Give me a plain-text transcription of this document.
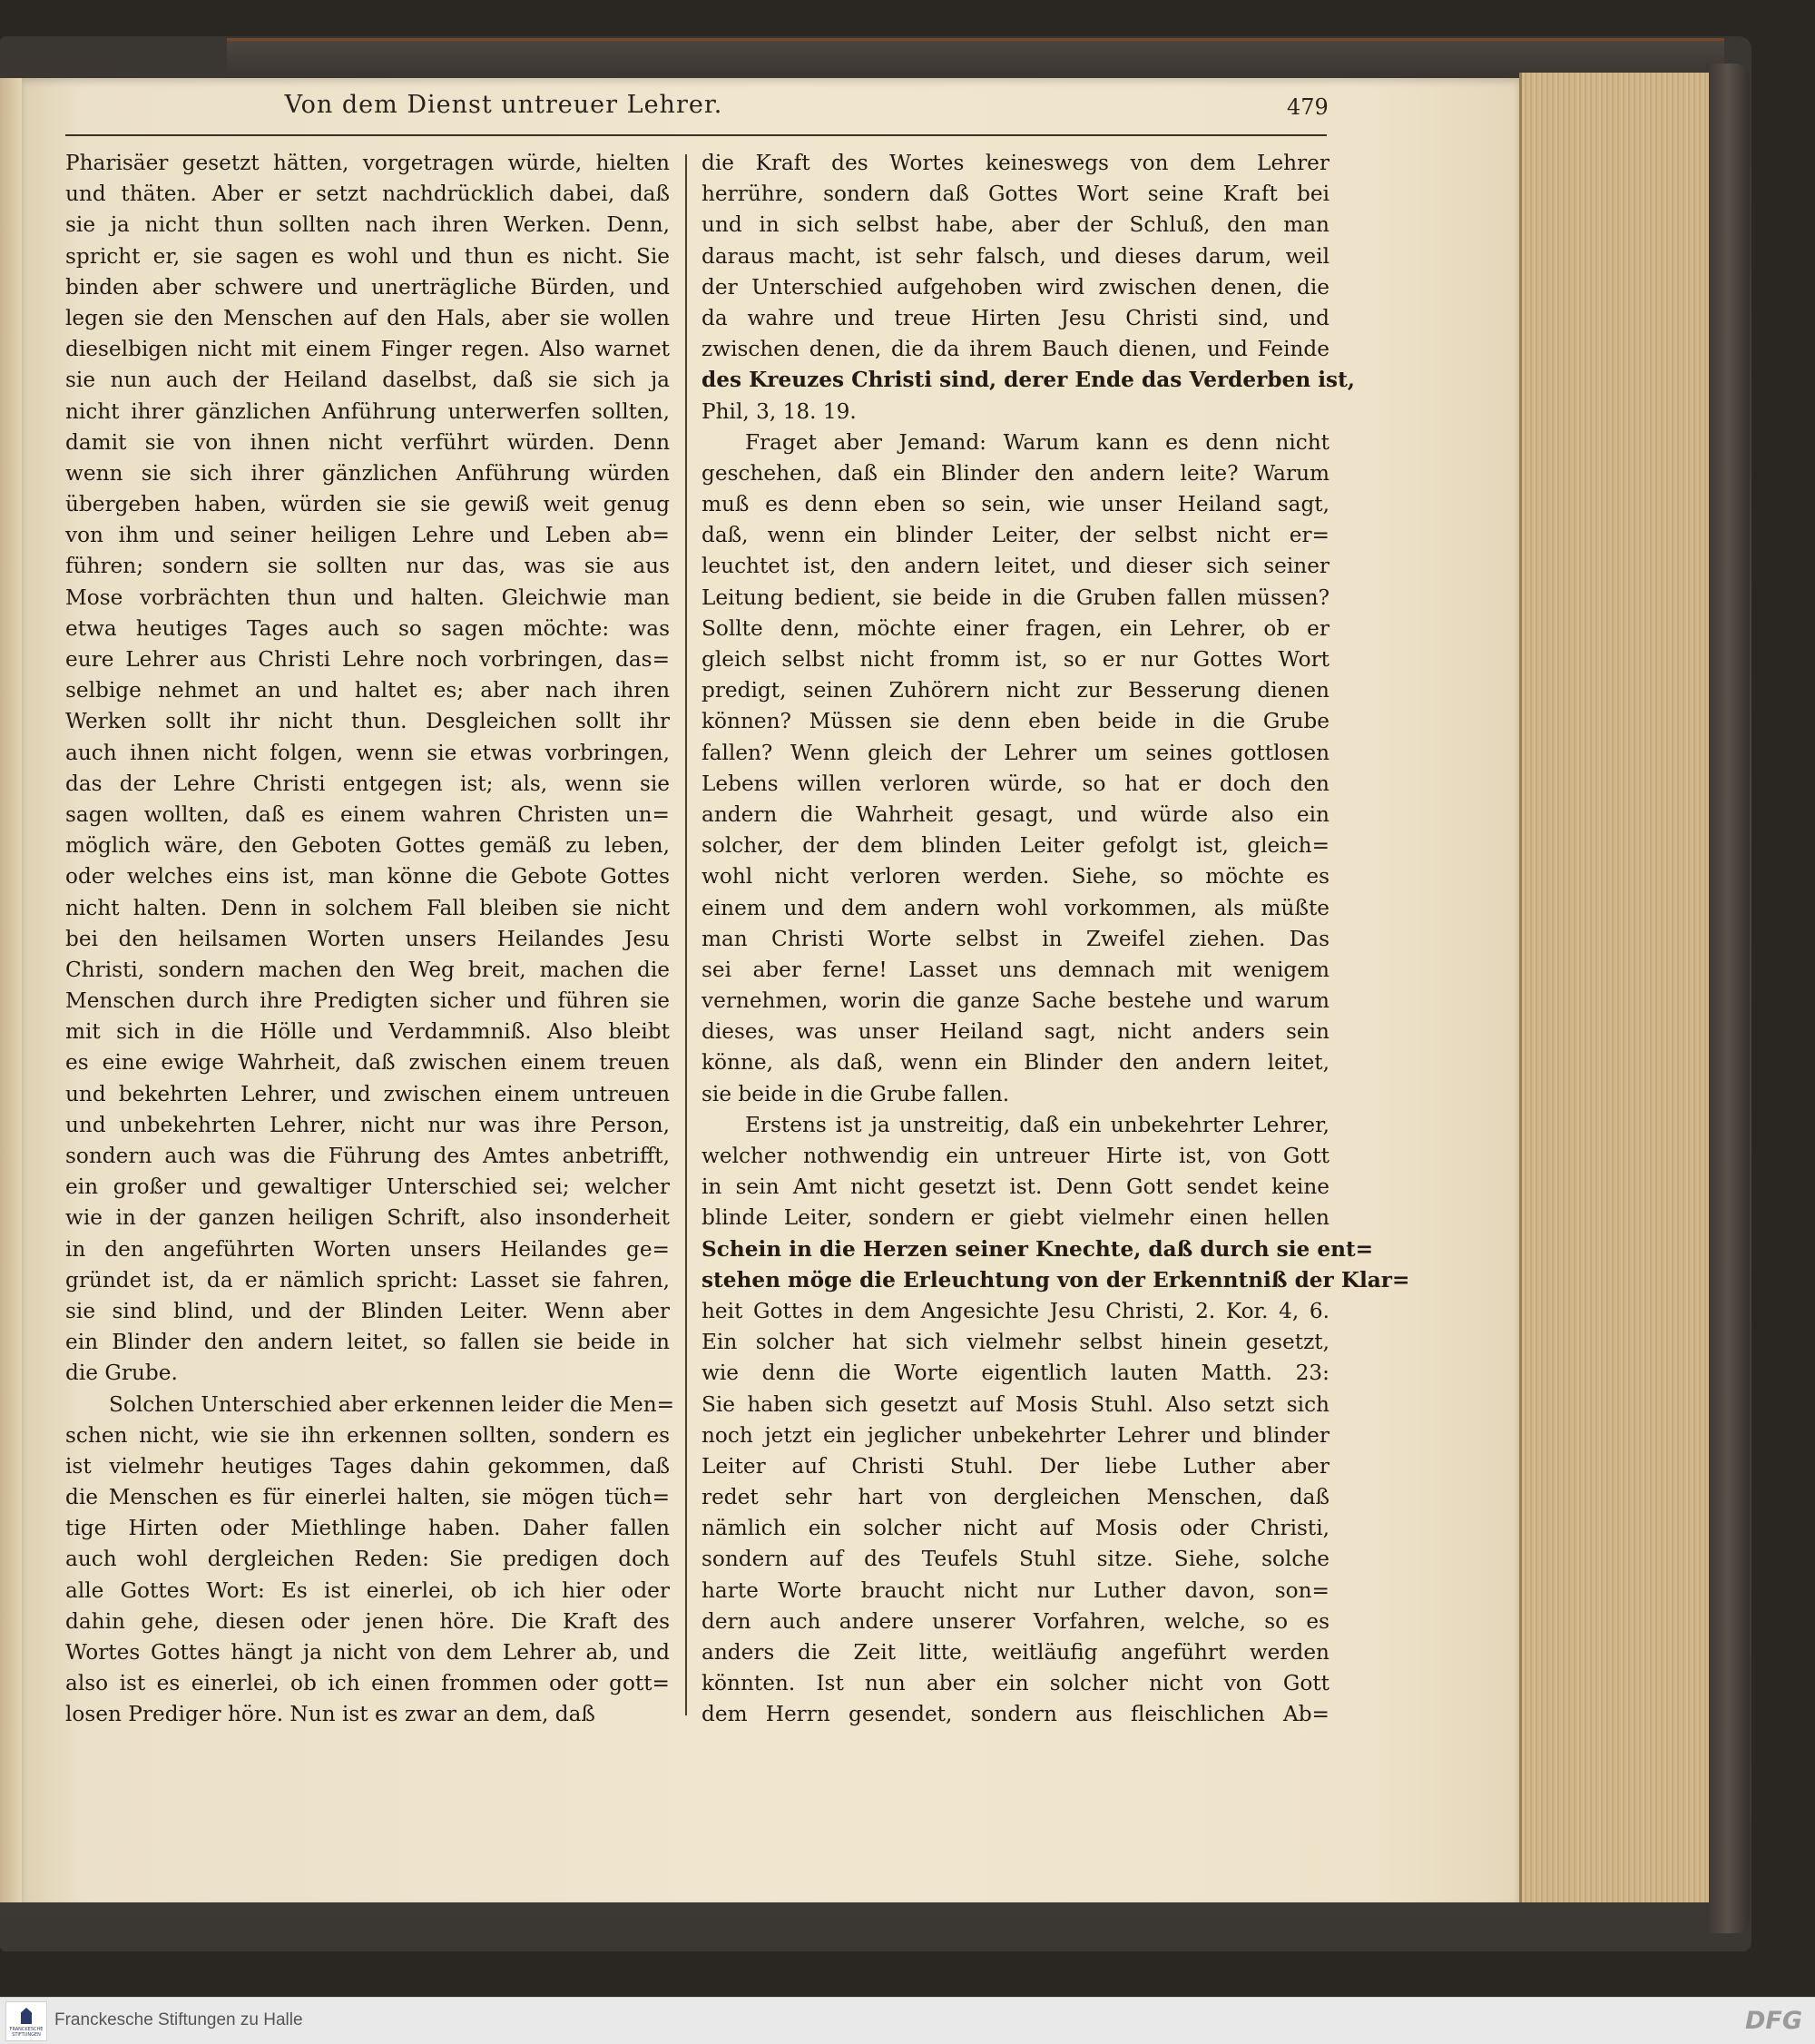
Von dem Dienst untreuer Lehrer.	479
Pharisäer gesetzt hätten, vorgetragen würde, hielten
und thäten. Aber er setzt nachdrücklich dabei, daß
sie ja nicht thun sollten nach ihren Werken. Denn,
spricht er, sie sagen es wohl und thun es nicht. Sie
binden aber schwere und unerträgliche Bürden, und
legen sie den Menschen auf den Hals, aber sie wollen
dieselbigen nicht mit einem Finger regen. Also warnet
sie nun auch der Heiland daselbst, daß sie sich ja
nicht ihrer gänzlichen Anführung unterwerfen sollten,
damit sie von ihnen nicht verführt würden. Denn
wenn sie sich ihrer gänzlichen Anführung würden
übergeben haben, würden sie sie gewiß weit genug
von ihm und seiner heiligen Lehre und Leben ab=
führen; sondern sie sollten nur das, was sie aus
Mose vorbrächten thun und halten. Gleichwie man
etwa heutiges Tages auch so sagen möchte: was
eure Lehrer aus Christi Lehre noch vorbringen, das=
selbige nehmet an und haltet es; aber nach ihren
Werken sollt ihr nicht thun. Desgleichen sollt ihr
auch ihnen nicht folgen, wenn sie etwas vorbringen,
das der Lehre Christi entgegen ist; als, wenn sie
sagen wollten, daß es einem wahren Christen un=
möglich wäre, den Geboten Gottes gemäß zu leben,
oder welches eins ist, man könne die Gebote Gottes
nicht halten. Denn in solchem Fall bleiben sie nicht
bei den heilsamen Worten unsers Heilandes Jesu
Christi, sondern machen den Weg breit, machen die
Menschen durch ihre Predigten sicher und führen sie
mit sich in die Hölle und Verdammniß. Also bleibt
es eine ewige Wahrheit, daß zwischen einem treuen
und bekehrten Lehrer, und zwischen einem untreuen
und unbekehrten Lehrer, nicht nur was ihre Person,
sondern auch was die Führung des Amtes anbetrifft,
ein großer und gewaltiger Unterschied sei; welcher
wie in der ganzen heiligen Schrift, also insonderheit
in den angeführten Worten unsers Heilandes ge=
gründet ist, da er nämlich spricht: Lasset sie fahren,
sie sind blind, und der Blinden Leiter. Wenn aber
ein Blinder den andern leitet, so fallen sie beide in
die Grube.
Solchen Unterschied aber erkennen leider die Men=
schen nicht, wie sie ihn erkennen sollten, sondern es
ist vielmehr heutiges Tages dahin gekommen, daß
die Menschen es für einerlei halten, sie mögen tüch=
tige Hirten oder Miethlinge haben. Daher fallen
auch wohl dergleichen Reden: Sie predigen doch
alle Gottes Wort: Es ist einerlei, ob ich hier oder
dahin gehe, diesen oder jenen höre. Die Kraft des
Wortes Gottes hängt ja nicht von dem Lehrer ab, und
also ist es einerlei, ob ich einen frommen oder gott=
losen Prediger höre. Nun ist es zwar an dem, daß
die Kraft des Wortes keineswegs von dem Lehrer
herrühre, sondern daß Gottes Wort seine Kraft bei
und in sich selbst habe, aber der Schluß, den man
daraus macht, ist sehr falsch, und dieses darum, weil
der Unterschied aufgehoben wird zwischen denen, die
da wahre und treue Hirten Jesu Christi sind, und
zwischen denen, die da ihrem Bauch dienen, und Feinde
des Kreuzes Christi sind, derer Ende das Verderben ist,
Phil, 3, 18. 19.
Fraget aber Jemand: Warum kann es denn nicht
geschehen, daß ein Blinder den andern leite? Warum
muß es denn eben so sein, wie unser Heiland sagt,
daß, wenn ein blinder Leiter, der selbst nicht er=
leuchtet ist, den andern leitet, und dieser sich seiner
Leitung bedient, sie beide in die Gruben fallen müssen?
Sollte denn, möchte einer fragen, ein Lehrer, ob er
gleich selbst nicht fromm ist, so er nur Gottes Wort
predigt, seinen Zuhörern nicht zur Besserung dienen
können? Müssen sie denn eben beide in die Grube
fallen? Wenn gleich der Lehrer um seines gottlosen
Lebens willen verloren würde, so hat er doch den
andern die Wahrheit gesagt, und würde also ein
solcher, der dem blinden Leiter gefolgt ist, gleich=
wohl nicht verloren werden. Siehe, so möchte es
einem und dem andern wohl vorkommen, als müßte
man Christi Worte selbst in Zweifel ziehen. Das
sei aber ferne! Lasset uns demnach mit wenigem
vernehmen, worin die ganze Sache bestehe und warum
dieses, was unser Heiland sagt, nicht anders sein
könne, als daß, wenn ein Blinder den andern leitet,
sie beide in die Grube fallen.
Erstens ist ja unstreitig, daß ein unbekehrter Lehrer,
welcher nothwendig ein untreuer Hirte ist, von Gott
in sein Amt nicht gesetzt ist. Denn Gott sendet keine
blinde Leiter, sondern er giebt vielmehr einen hellen
Schein in die Herzen seiner Knechte, daß durch sie ent=
stehen möge die Erleuchtung von der Erkenntniß der Klar=
heit Gottes in dem Angesichte Jesu Christi, 2. Kor. 4, 6.
Ein solcher hat sich vielmehr selbst hinein gesetzt,
wie denn die Worte eigentlich lauten Matth. 23:
Sie haben sich gesetzt auf Mosis Stuhl. Also setzt sich
noch jetzt ein jeglicher unbekehrter Lehrer und blinder
Leiter auf Christi Stuhl. Der liebe Luther aber
redet sehr hart von dergleichen Menschen, daß
nämlich ein solcher nicht auf Mosis oder Christi,
sondern auf des Teufels Stuhl sitze. Siehe, solche
harte Worte braucht nicht nur Luther davon, son=
dern auch andere unserer Vorfahren, welche, so es
anders die Zeit litte, weitläufig angeführt werden
könnten. Ist nun aber ein solcher nicht von Gott
dem Herrn gesendet, sondern aus fleischlichen Ab=
FRANCKESCHE STIFTUNGEN
Franckesche Stiftungen zu Halle	DFG
